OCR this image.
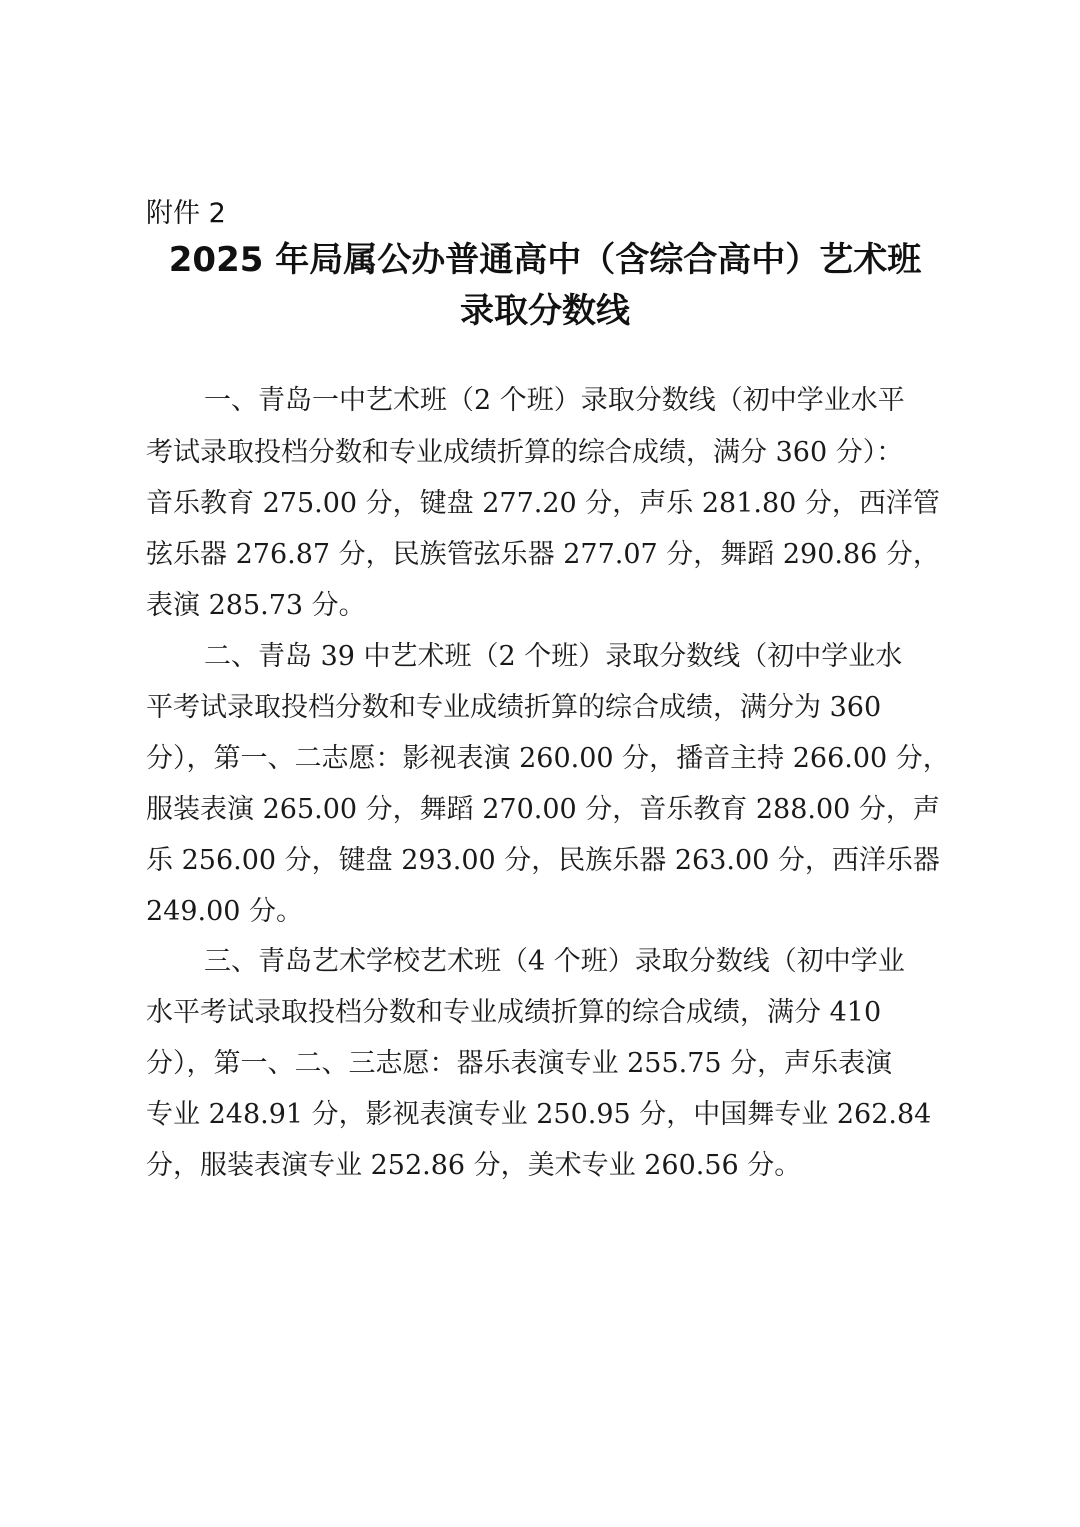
附件 2
2025 年局属公办普通高中（含综合高中）艺术班
录取分数线
一、青岛一中艺术班（2 个班）录取分数线（初中学业水平
考试录取投档分数和专业成绩折算的综合成绩，满分 360 分）：
音乐教育 275.00 分，键盘 277.20 分，声乐 281.80 分，西洋管
弦乐器 276.87 分，民族管弦乐器 277.07 分，舞蹈 290.86 分，
表演 285.73 分。
二、青岛 39 中艺术班（2 个班）录取分数线（初中学业水
平考试录取投档分数和专业成绩折算的综合成绩，满分为 360
分），第一、二志愿：影视表演 260.00 分，播音主持 266.00 分，
服装表演 265.00 分，舞蹈 270.00 分，音乐教育 288.00 分，声
乐 256.00 分，键盘 293.00 分，民族乐器 263.00 分，西洋乐器
249.00 分。
三、青岛艺术学校艺术班（4 个班）录取分数线（初中学业
水平考试录取投档分数和专业成绩折算的综合成绩，满分 410
分），第一、二、三志愿：器乐表演专业 255.75 分，声乐表演
专业 248.91 分，影视表演专业 250.95 分，中国舞专业 262.84
分，服装表演专业 252.86 分，美术专业 260.56 分。
